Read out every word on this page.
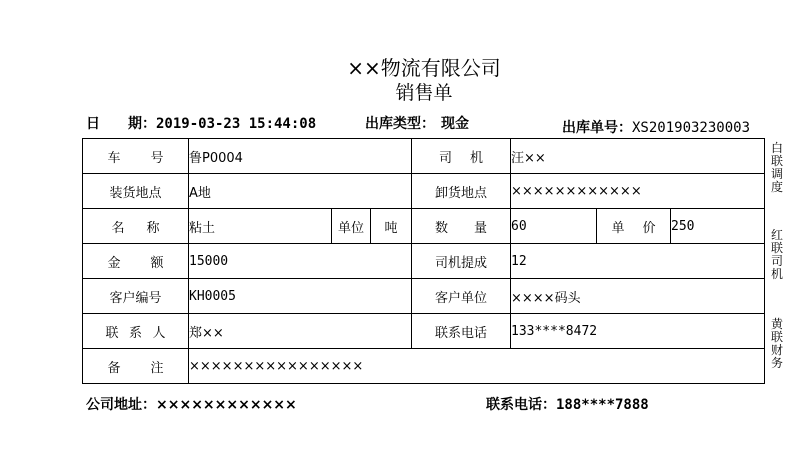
××物流有限公司
销售单
日　　期：2019-03-23 15:44:08	出库类型： 现金	出库单号：XS201903230003
车号	鲁P0004			司机	汪××		
装货地点	A地			卸货地点	××××××××××××		
名称	粘土	单位	吨	数量	60	单价	250
金额	15000			司机提成	12		
客户编号	KH0005			客户单位	××××码头		
联系人	郑××			联系电话	133****8472		
备注	××××××××××××××××						
白联调度
红联司机
黄联财务
公司地址：××××××××××××	联系电话：188****7888
